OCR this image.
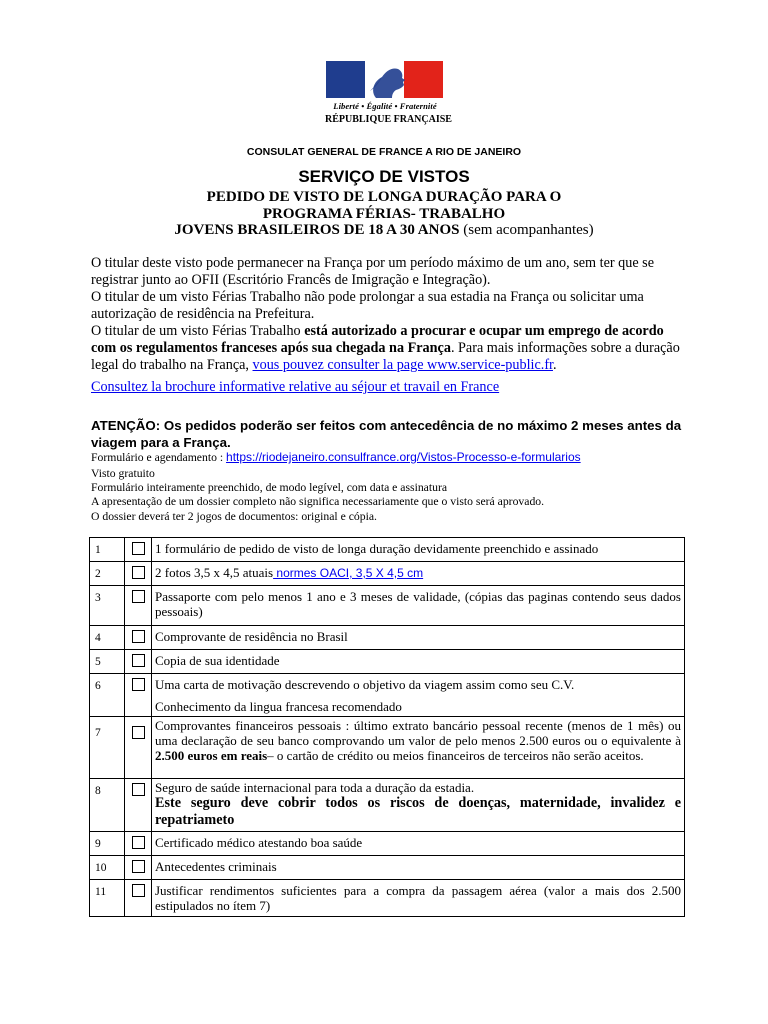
Liberté • Égalité • Fraternité
RÉPUBLIQUE FRANÇAISE
CONSULAT GENERAL DE FRANCE A RIO DE JANEIRO
SERVIÇO DE VISTOS
PEDIDO DE VISTO DE LONGA DURAÇÃO PARA O
PROGRAMA FÉRIAS- TRABALHO
JOVENS BRASILEIROS DE 18 A 30 ANOS (sem acompanhantes)
O titular deste visto pode permanecer na França por um período máximo de um ano, sem ter que se registrar junto ao OFII (Escritório Francês de Imigração e Integração).
O titular de um visto Férias Trabalho não pode prolongar a sua estadia na França ou solicitar uma autorização de residência na Prefeitura.
O titular de um visto Férias Trabalho está autorizado a procurar e ocupar um emprego de acordo com os regulamentos franceses após sua chegada na França. Para mais informações sobre a duração legal do trabalho na França, vous pouvez consulter la page www.service-public.fr.
Consultez la brochure informative relative au séjour et travail en France
ATENÇÃO: Os pedidos poderão ser feitos com antecedência de no máximo 2 meses antes da viagem para a França.
Formulário e agendamento : https://riodejaneiro.consulfrance.org/Vistos-Processo-e-formularios
Visto gratuito
Formulário inteiramente preenchido, de modo legível, com data e assinatura
A apresentação de um dossier completo não significa necessariamente que o visto será aprovado.
O dossier deverá ter 2 jogos de documentos: original e cópia.
1		1 formulário de pedido de visto de longa duração devidamente preenchido e assinado
2		2 fotos 3,5 x 4,5 atuais normes OACI, 3,5 X 4,5 cm
3		Passaporte com pelo menos 1 ano e 3 meses de validade, (cópias das paginas contendo seus dados pessoais)
4		Comprovante de residência no Brasil
5		Copia de sua identidade
6		Uma carta de motivação descrevendo o objetivo da viagem assim como seu C.V.
Conhecimento da lingua francesa recomendado

7		Comprovantes financeiros pessoais : último extrato bancário pessoal recente (menos de 1 mês) ou uma declaração de seu banco comprovando um valor de pelo menos 2.500 euros ou o equivalente à 2.500 euros em reais– o cartão de crédito ou meios financeiros de terceiros não serão aceitos.
8		Seguro de saúde internacional para toda a duração da estadia.
Este seguro deve cobrir todos os riscos de doenças, maternidade, invalidez e repatriameto

9		Certificado médico atestando boa saúde
10		Antecedentes criminais
11		Justificar rendimentos suficientes para a compra da passagem aérea (valor a mais dos 2.500 estipulados no ítem 7)
